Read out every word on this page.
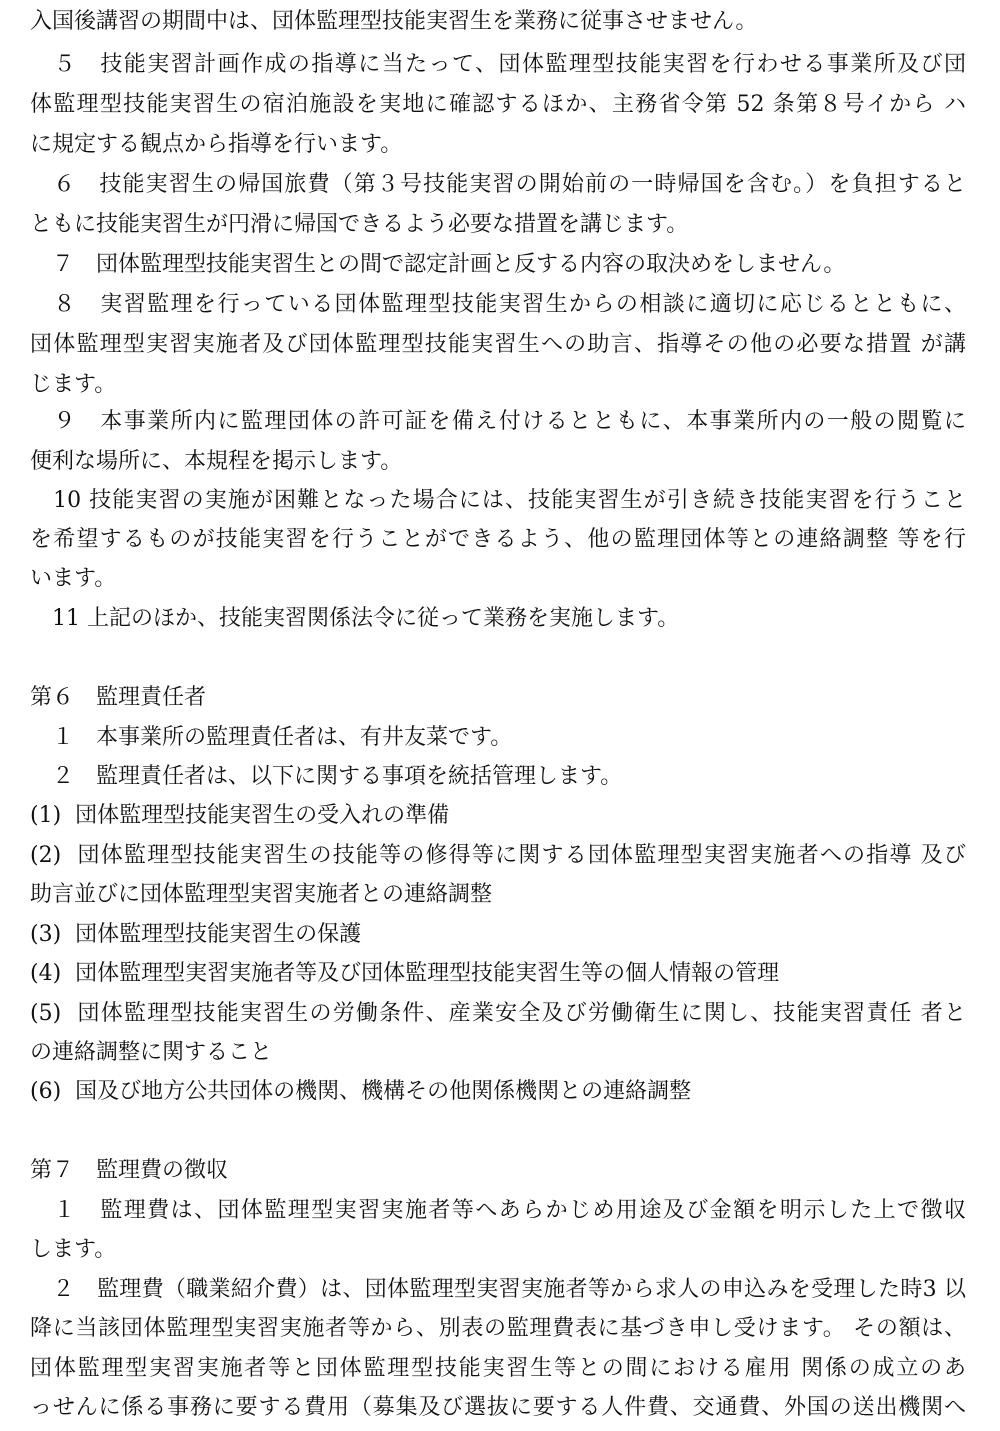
入国後講習の期間中は、団体監理型技能実習生を業務に従事させません。
　５　技能実習計画作成の指導に当たって、団体監理型技能実習を行わせる事業所及び団
体監理型技能実習生の宿泊施設を実地に確認するほか、主務省令第 52 条第８号イから ハ
に規定する観点から指導を行います。
　６　技能実習生の帰国旅費（第３号技能実習の開始前の一時帰国を含む。）を負担すると
ともに技能実習生が円滑に帰国できるよう必要な措置を講じます。
　７　団体監理型技能実習生との間で認定計画と反する内容の取決めをしません。
　８　実習監理を行っている団体監理型技能実習生からの相談に適切に応じるとともに、
団体監理型実習実施者及び団体監理型技能実習生への助言、指導その他の必要な措置 が講
じます。
　９　本事業所内に監理団体の許可証を備え付けるとともに、本事業所内の一般の閲覧に
便利な場所に、本規程を掲示します。
　10 技能実習の実施が困難となった場合には、技能実習生が引き続き技能実習を行うこと
を希望するものが技能実習を行うことができるよう、他の監理団体等との連絡調整 等を行
います。
　11 上記のほか、技能実習関係法令に従って業務を実施します。
第６　監理責任者
　１　本事業所の監理責任者は、有井友菜です。
　２　監理責任者は、以下に関する事項を統括管理します。
(1)  団体監理型技能実習生の受入れの準備
(2)  団体監理型技能実習生の技能等の修得等に関する団体監理型実習実施者への指導 及び
助言並びに団体監理型実習実施者との連絡調整
(3)  団体監理型技能実習生の保護
(4)  団体監理型実習実施者等及び団体監理型技能実習生等の個人情報の管理
(5)  団体監理型技能実習生の労働条件、産業安全及び労働衛生に関し、技能実習責任 者と
の連絡調整に関すること
(6)  国及び地方公共団体の機関、機構その他関係機関との連絡調整
第７　監理費の徴収
　１　監理費は、団体監理型実習実施者等へあらかじめ用途及び金額を明示した上で徴収
します。
　２　監理費（職業紹介費）は、団体監理型実習実施者等から求人の申込みを受理した時3 以
降に当該団体監理型実習実施者等から、別表の監理費表に基づき申し受けます。 その額は、
団体監理型実習実施者等と団体監理型技能実習生等との間における雇用 関係の成立のあ
っせんに係る事務に要する費用（募集及び選抜に要する人件費、交通費、外国の送出機関へ
